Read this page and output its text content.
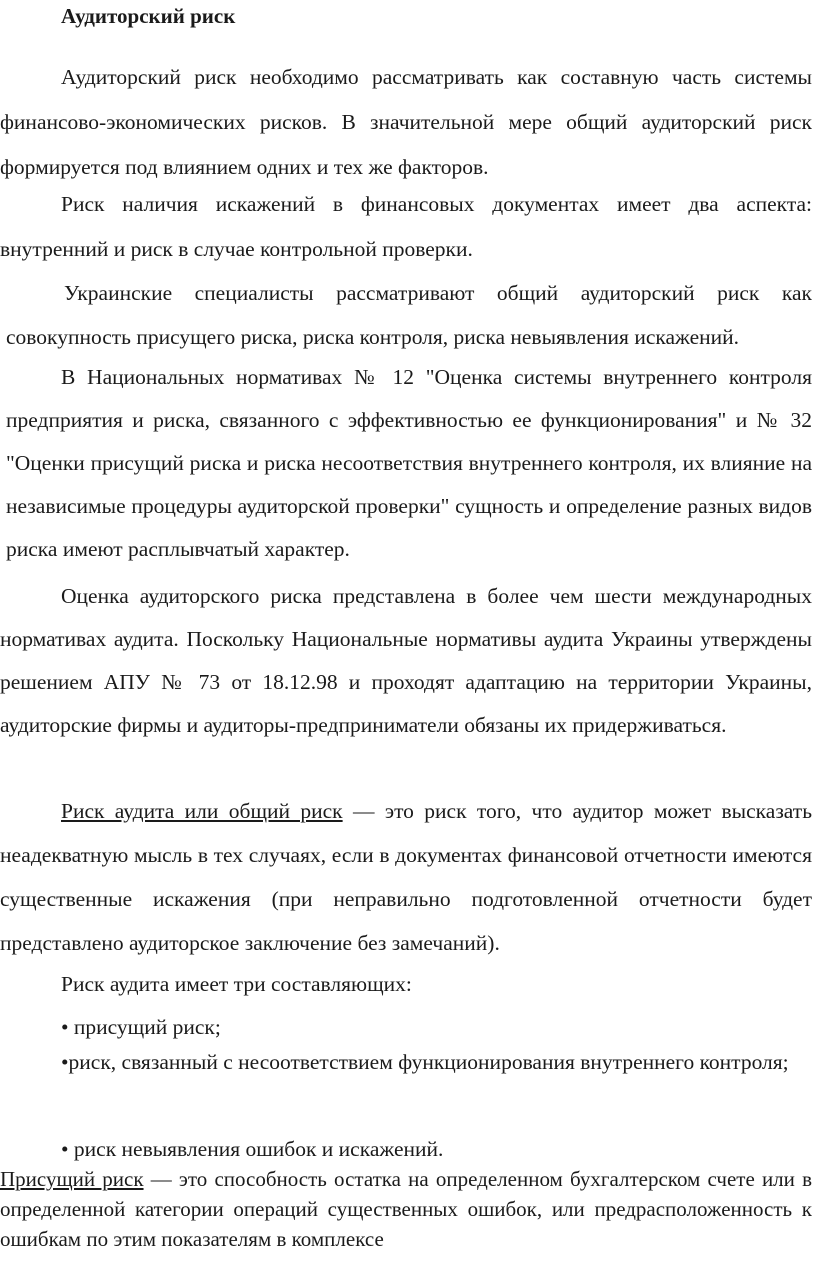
Аудиторский риск

Аудиторский риск необходимо рассматривать как составную часть системы финансово-экономических рисков. В значительной мере общий аудиторский риск формируется под влиянием одних и тех же факторов.

Риск наличия искажений в финансовых документах имеет два аспекта: внутренний и риск в случае контрольной проверки.

Украинские специалисты рассматривают общий аудиторский риск как совокупность присущего риска, риска контроля, риска невыявления искажений.

В Национальных нормативах № 12 "Оценка системы внутреннего контроля предприятия и риска, связанного с эффективностью ее функционирования" и № 32 "Оценки присущий риска и риска несоответствия внутреннего контроля, их влияние на независимые процедуры аудиторской проверки" сущность и определение разных видов риска имеют расплывчатый характер.

Оценка аудиторского риска представлена в более чем шести международных нормативах аудита. Поскольку Национальные нормативы аудита Украины утверждены решением АПУ № 73 от 18.12.98 и проходят адаптацию на территории Украины, аудиторские фирмы и аудиторы-предприниматели обязаны их придерживаться.

Риск аудита или общий риск — это риск того, что аудитор может высказать неадекватную мысль в тех случаях, если в документах финансовой отчетности имеются существенные искажения (при неправильно подготовленной отчетности будет представлено аудиторское заключение без замечаний).

Риск аудита имеет три составляющих:

• присущий риск;

•риск, связанный с несоответствием функционирования внутреннего контроля;

• риск невыявления ошибок и искажений.

Присущий риск — это способность остатка на определенном бухгалтерском счете или в определенной категории операций существенных ошибок, или предрасположенность к ошибкам по этим показателям в комплексе
